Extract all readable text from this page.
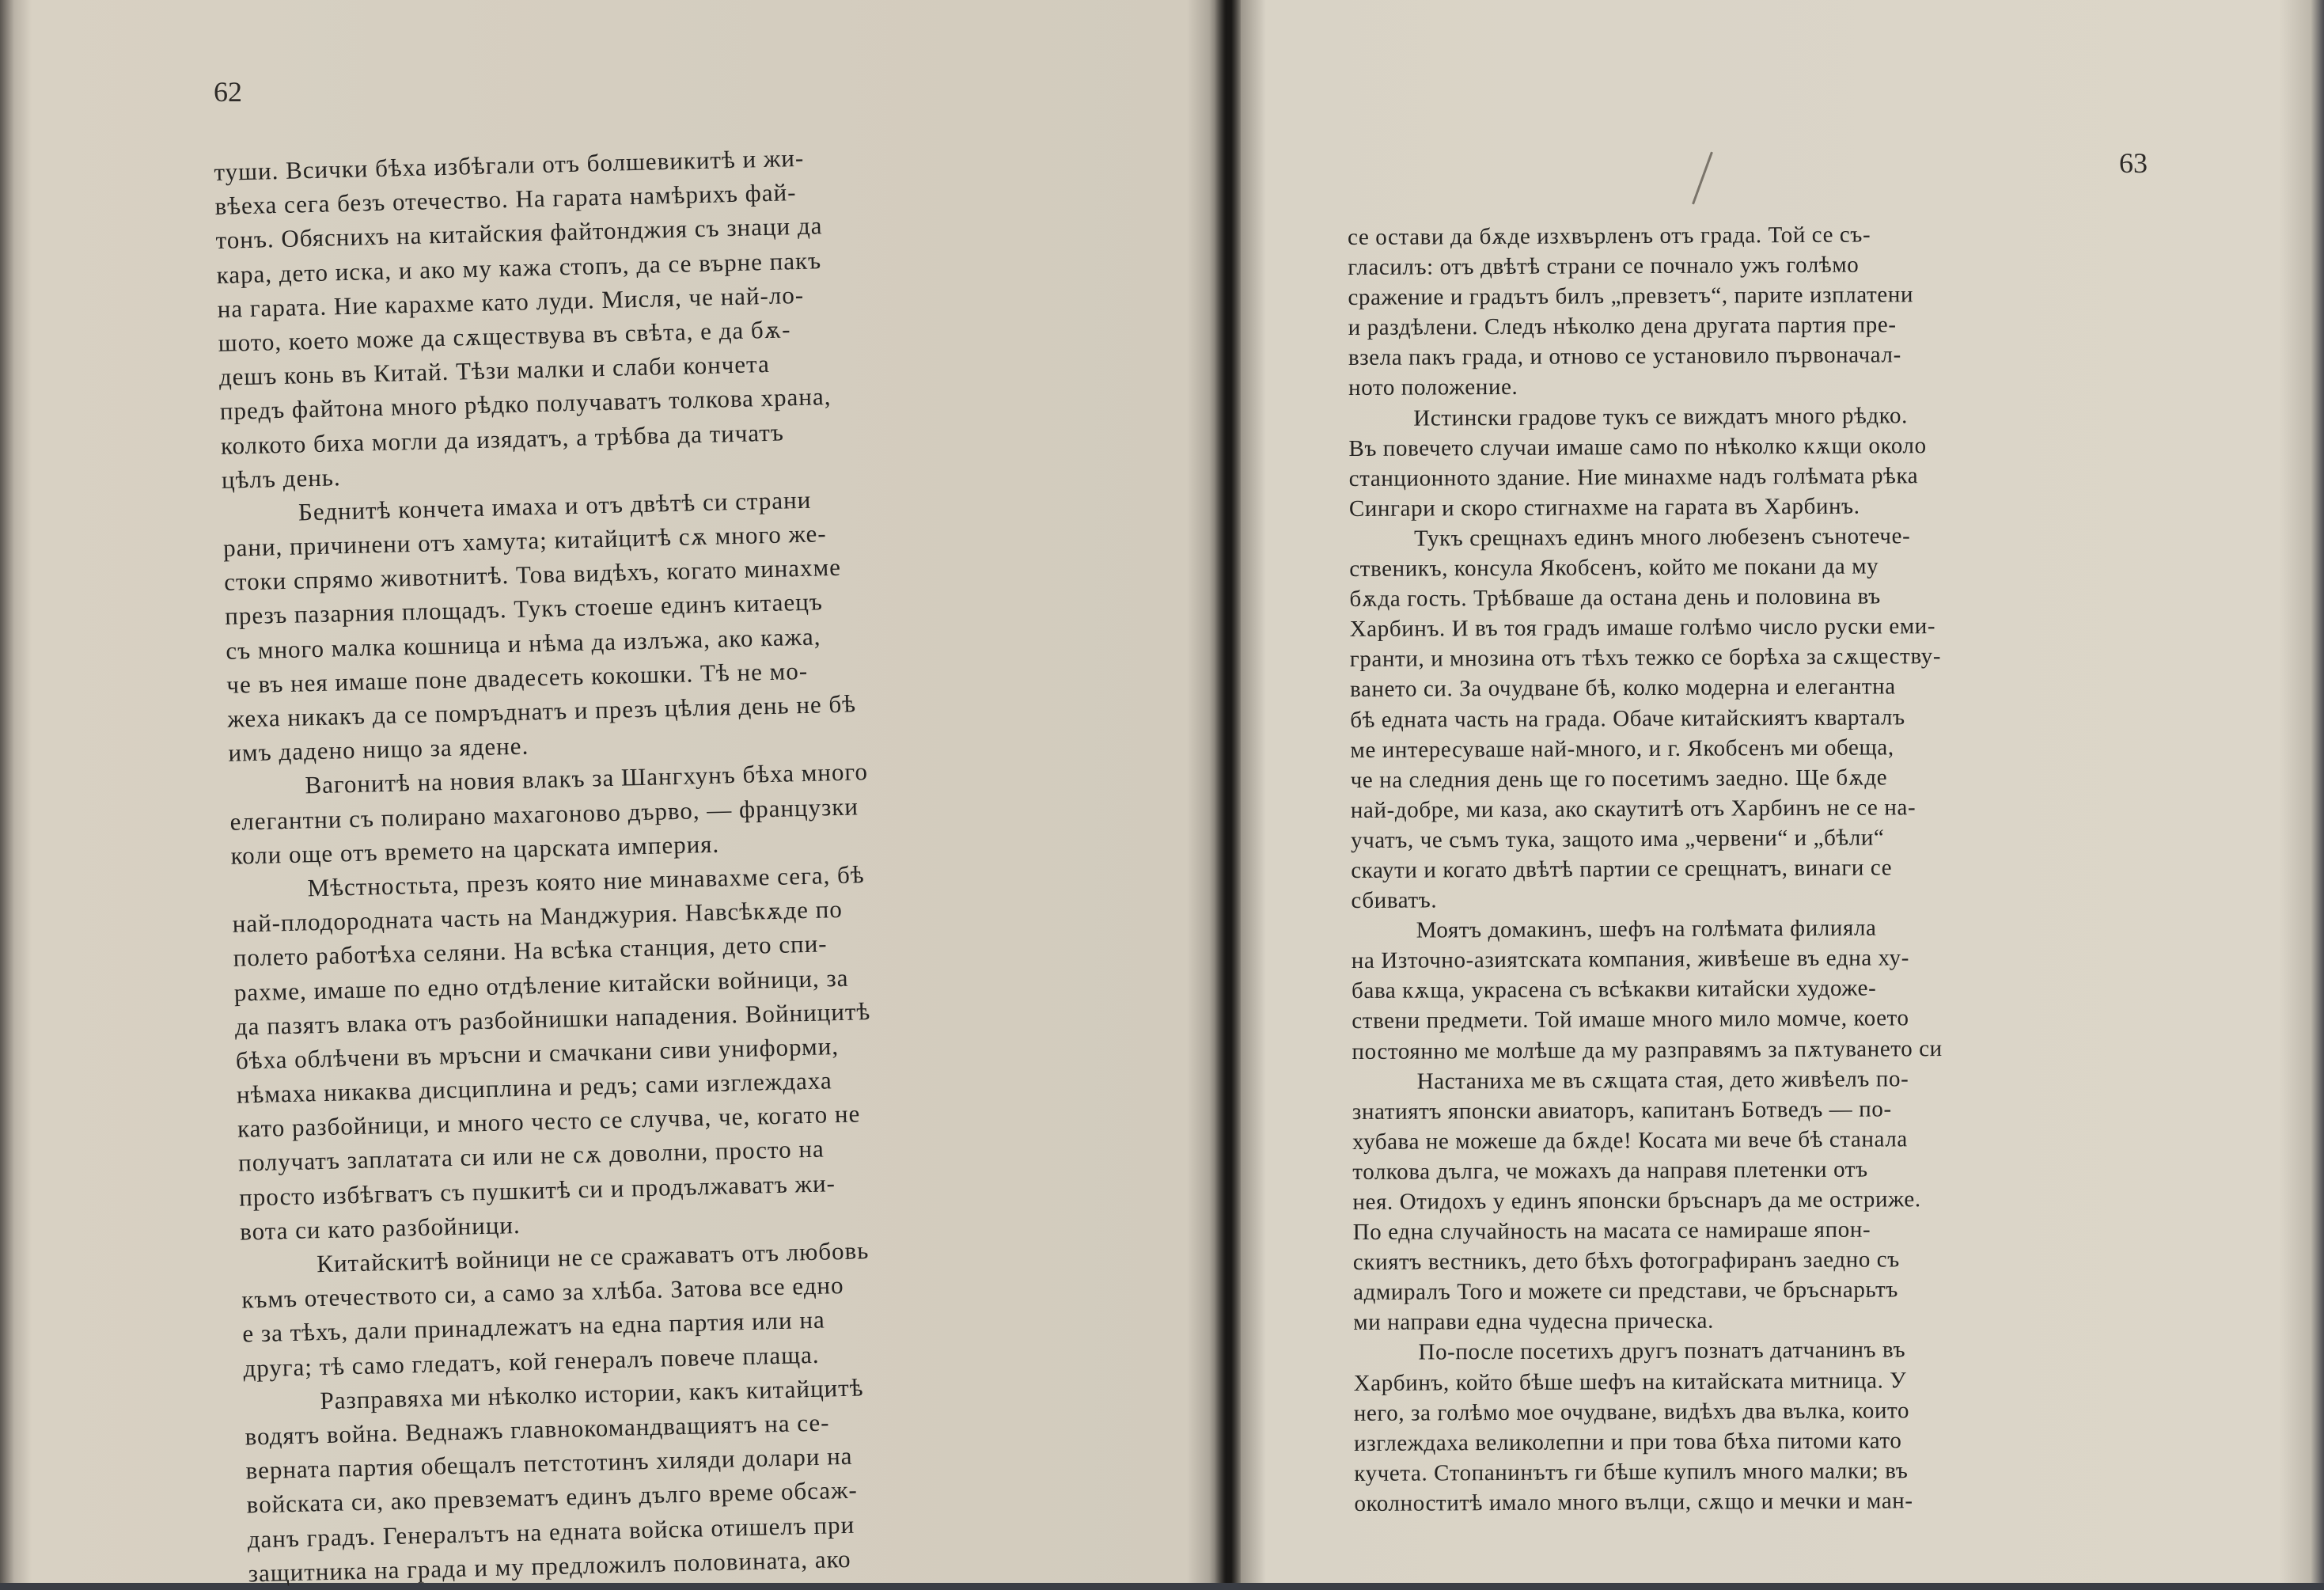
62
туши. Всички бѣха избѣгали отъ болшевикитѣ и жи-
вѣеха сега безъ отечество. На гарата намѣрихъ фай-
тонъ. Обяснихъ на китайския файтонджия съ знаци да
кара, дето иска, и ако му кажа стопъ, да се върне пакъ
на гарата. Ние карахме като луди. Мисля, че най-ло-
шото, което може да сѫществува въ свѣта, е да бѫ-
дешъ конь въ Китай. Тѣзи малки и слаби кончета
предъ файтона много рѣдко получаватъ толкова храна,
колкото биха могли да изядатъ, а трѣбва да тичатъ
цѣлъ день.
Беднитѣ кончета имаха и отъ двѣтѣ си страни
рани, причинени отъ хамута; китайцитѣ сѫ много же-
стоки спрямо животнитѣ. Това видѣхъ, когато минахме
презъ пазарния площадъ. Тукъ стоеше единъ китаецъ
съ много малка кошница и нѣма да излъжа, ако кажа,
че въ нея имаше поне двадесеть кокошки. Тѣ не мо-
жеха никакъ да се помръднатъ и презъ цѣлия день не бѣ
имъ дадено нищо за ядене.
Вагонитѣ на новия влакъ за Шангхунъ бѣха много
елегантни съ полирано махагоново дърво, — французки
коли още отъ времето на царската империя.
Мѣстностьта, презъ която ние минавахме сега, бѣ
най-плодородната часть на Манджурия. Навсѣкѫде по
полето работѣха селяни. На всѣка станция, дето спи-
рахме, имаше по едно отдѣление китайски войници, за
да пазятъ влака отъ разбойнишки нападения. Войницитѣ
бѣха облѣчени въ мръсни и смачкани сиви униформи,
нѣмаха никаква дисциплина и редъ; сами изглеждаха
като разбойници, и много често се случва, че, когато не
получатъ заплатата си или не сѫ доволни, просто на
просто избѣгватъ съ пушкитѣ си и продължаватъ жи-
вота си като разбойници.
Китайскитѣ войници не се сражаватъ отъ любовь
къмъ отечеството си, а само за хлѣба. Затова все едно
е за тѣхъ, дали принадлежатъ на една партия или на
друга; тѣ само гледатъ, кой генералъ повече плаща.
Разправяха ми нѣколко истории, какъ китайцитѣ
водятъ война. Веднажъ главнокомандващиятъ на се-
верната партия обещалъ петстотинъ хиляди долари на
войската си, ако превзематъ единъ дълго време обсаж-
данъ градъ. Генералътъ на едната войска отишелъ при
защитника на града и му предложилъ половината, ако
63
се остави да бѫде изхвърленъ отъ града. Той се съ-
гласилъ: отъ двѣтѣ страни се почнало ужъ голѣмо
сражение и градътъ билъ „превзетъ“, парите изплатени
и раздѣлени. Следъ нѣколко дена другата партия пре-
взела пакъ града, и отново се установило първоначал-
ното положение.
Истински градове тукъ се виждатъ много рѣдко.
Въ повечето случаи имаше само по нѣколко кѫщи около
станционното здание. Ние минахме надъ голѣмата рѣка
Сингари и скоро стигнахме на гарата въ Харбинъ.
Тукъ срещнахъ единъ много любезенъ сънотече-
ственикъ, консула Якобсенъ, който ме покани да му
бѫда гость. Трѣбваше да остана день и половина въ
Харбинъ. И въ тоя градъ имаше голѣмо число руски еми-
гранти, и мнозина отъ тѣхъ тежко се борѣха за сѫществу-
ването си. За очудване бѣ, колко модерна и елегантна
бѣ едната часть на града. Обаче китайскиятъ кварталъ
ме интересуваше най-много, и г. Якобсенъ ми обеща,
че на следния день ще го посетимъ заедно. Ще бѫде
най-добре, ми каза, ако скаутитѣ отъ Харбинъ не се на-
учатъ, че съмъ тука, защото има „червени“ и „бѣли“
скаути и когато двѣтѣ партии се срещнатъ, винаги се
сбиватъ.
Моятъ домакинъ, шефъ на голѣмата филияла
на Източно-азиятската компания, живѣеше въ една ху-
бава кѫща, украсена съ всѣкакви китайски художе-
ствени предмети. Той имаше много мило момче, което
постоянно ме молѣше да му разправямъ за пѫтуването си
Настаниха ме въ сѫщата стая, дето живѣелъ по-
знатиятъ японски авиаторъ, капитанъ Ботведъ — по-
хубава не можеше да бѫде! Косата ми вече бѣ станала
толкова дълга, че можахъ да направя плетенки отъ
нея. Отидохъ у единъ японски бръснаръ да ме остриже.
По една случайность на масата се намираше япон-
скиятъ вестникъ, дето бѣхъ фотографиранъ заедно съ
адмиралъ Того и можете си представи, че бръснарьтъ
ми направи една чудесна прическа.
По-после посетихъ другъ познатъ датчанинъ въ
Харбинъ, който бѣше шефъ на китайската митница. У
него, за голѣмо мое очудване, видѣхъ два вълка, които
изглеждаха великолепни и при това бѣха питоми като
кучета. Стопанинътъ ги бѣше купилъ много малки; въ
околноститѣ имало много вълци, сѫщо и мечки и ман-
